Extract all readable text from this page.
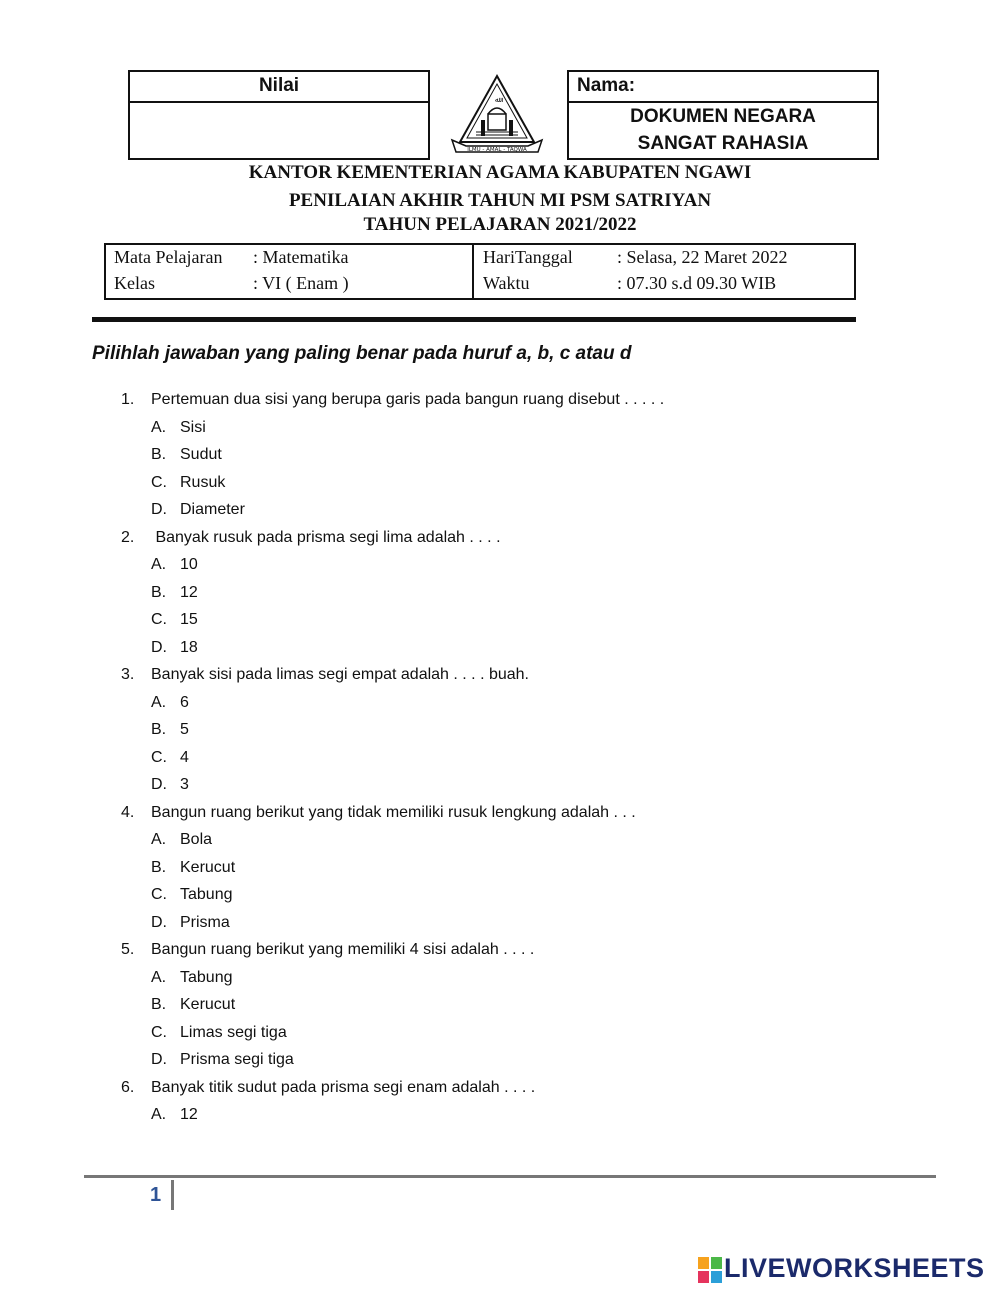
Nilai
ﷲ
ILMU - AMAL - TAQWA
Nama:
DOKUMEN NEGARA
SANGAT RAHASIA
KANTOR KEMENTERIAN AGAMA KABUPATEN NGAWI
PENILAIAN AKHIR TAHUN MI PSM SATRIYAN
TAHUN PELAJARAN 2021/2022
Mata Pelajaran : Matematika
Kelas	: VI ( Enam )
HariTanggal : Selasa, 22 Maret 2022
Waktu	: 07.30 s.d 09.30 WIB
Pilihlah jawaban yang paling benar pada huruf a, b, c atau d
1. Pertemuan dua sisi yang berupa garis pada bangun ruang disebut . . . . .
A. Sisi
B. Sudut
C. Rusuk
D. Diameter
2. Banyak rusuk pada prisma segi lima adalah . . . .
A. 10
B. 12
C. 15
D. 18
3. Banyak sisi pada limas segi empat adalah . . . . buah.
A. 6
B. 5
C. 4
D. 3
4. Bangun ruang berikut yang tidak memiliki rusuk lengkung adalah . . .
A. Bola
B. Kerucut
C. Tabung
D. Prisma
5. Bangun ruang berikut yang memiliki 4 sisi adalah . . . .
A. Tabung
B. Kerucut
C. Limas segi tiga
D. Prisma segi tiga
6. Banyak titik sudut pada prisma segi enam adalah . . . .
A. 12
1
LIVEWORKSHEETS
